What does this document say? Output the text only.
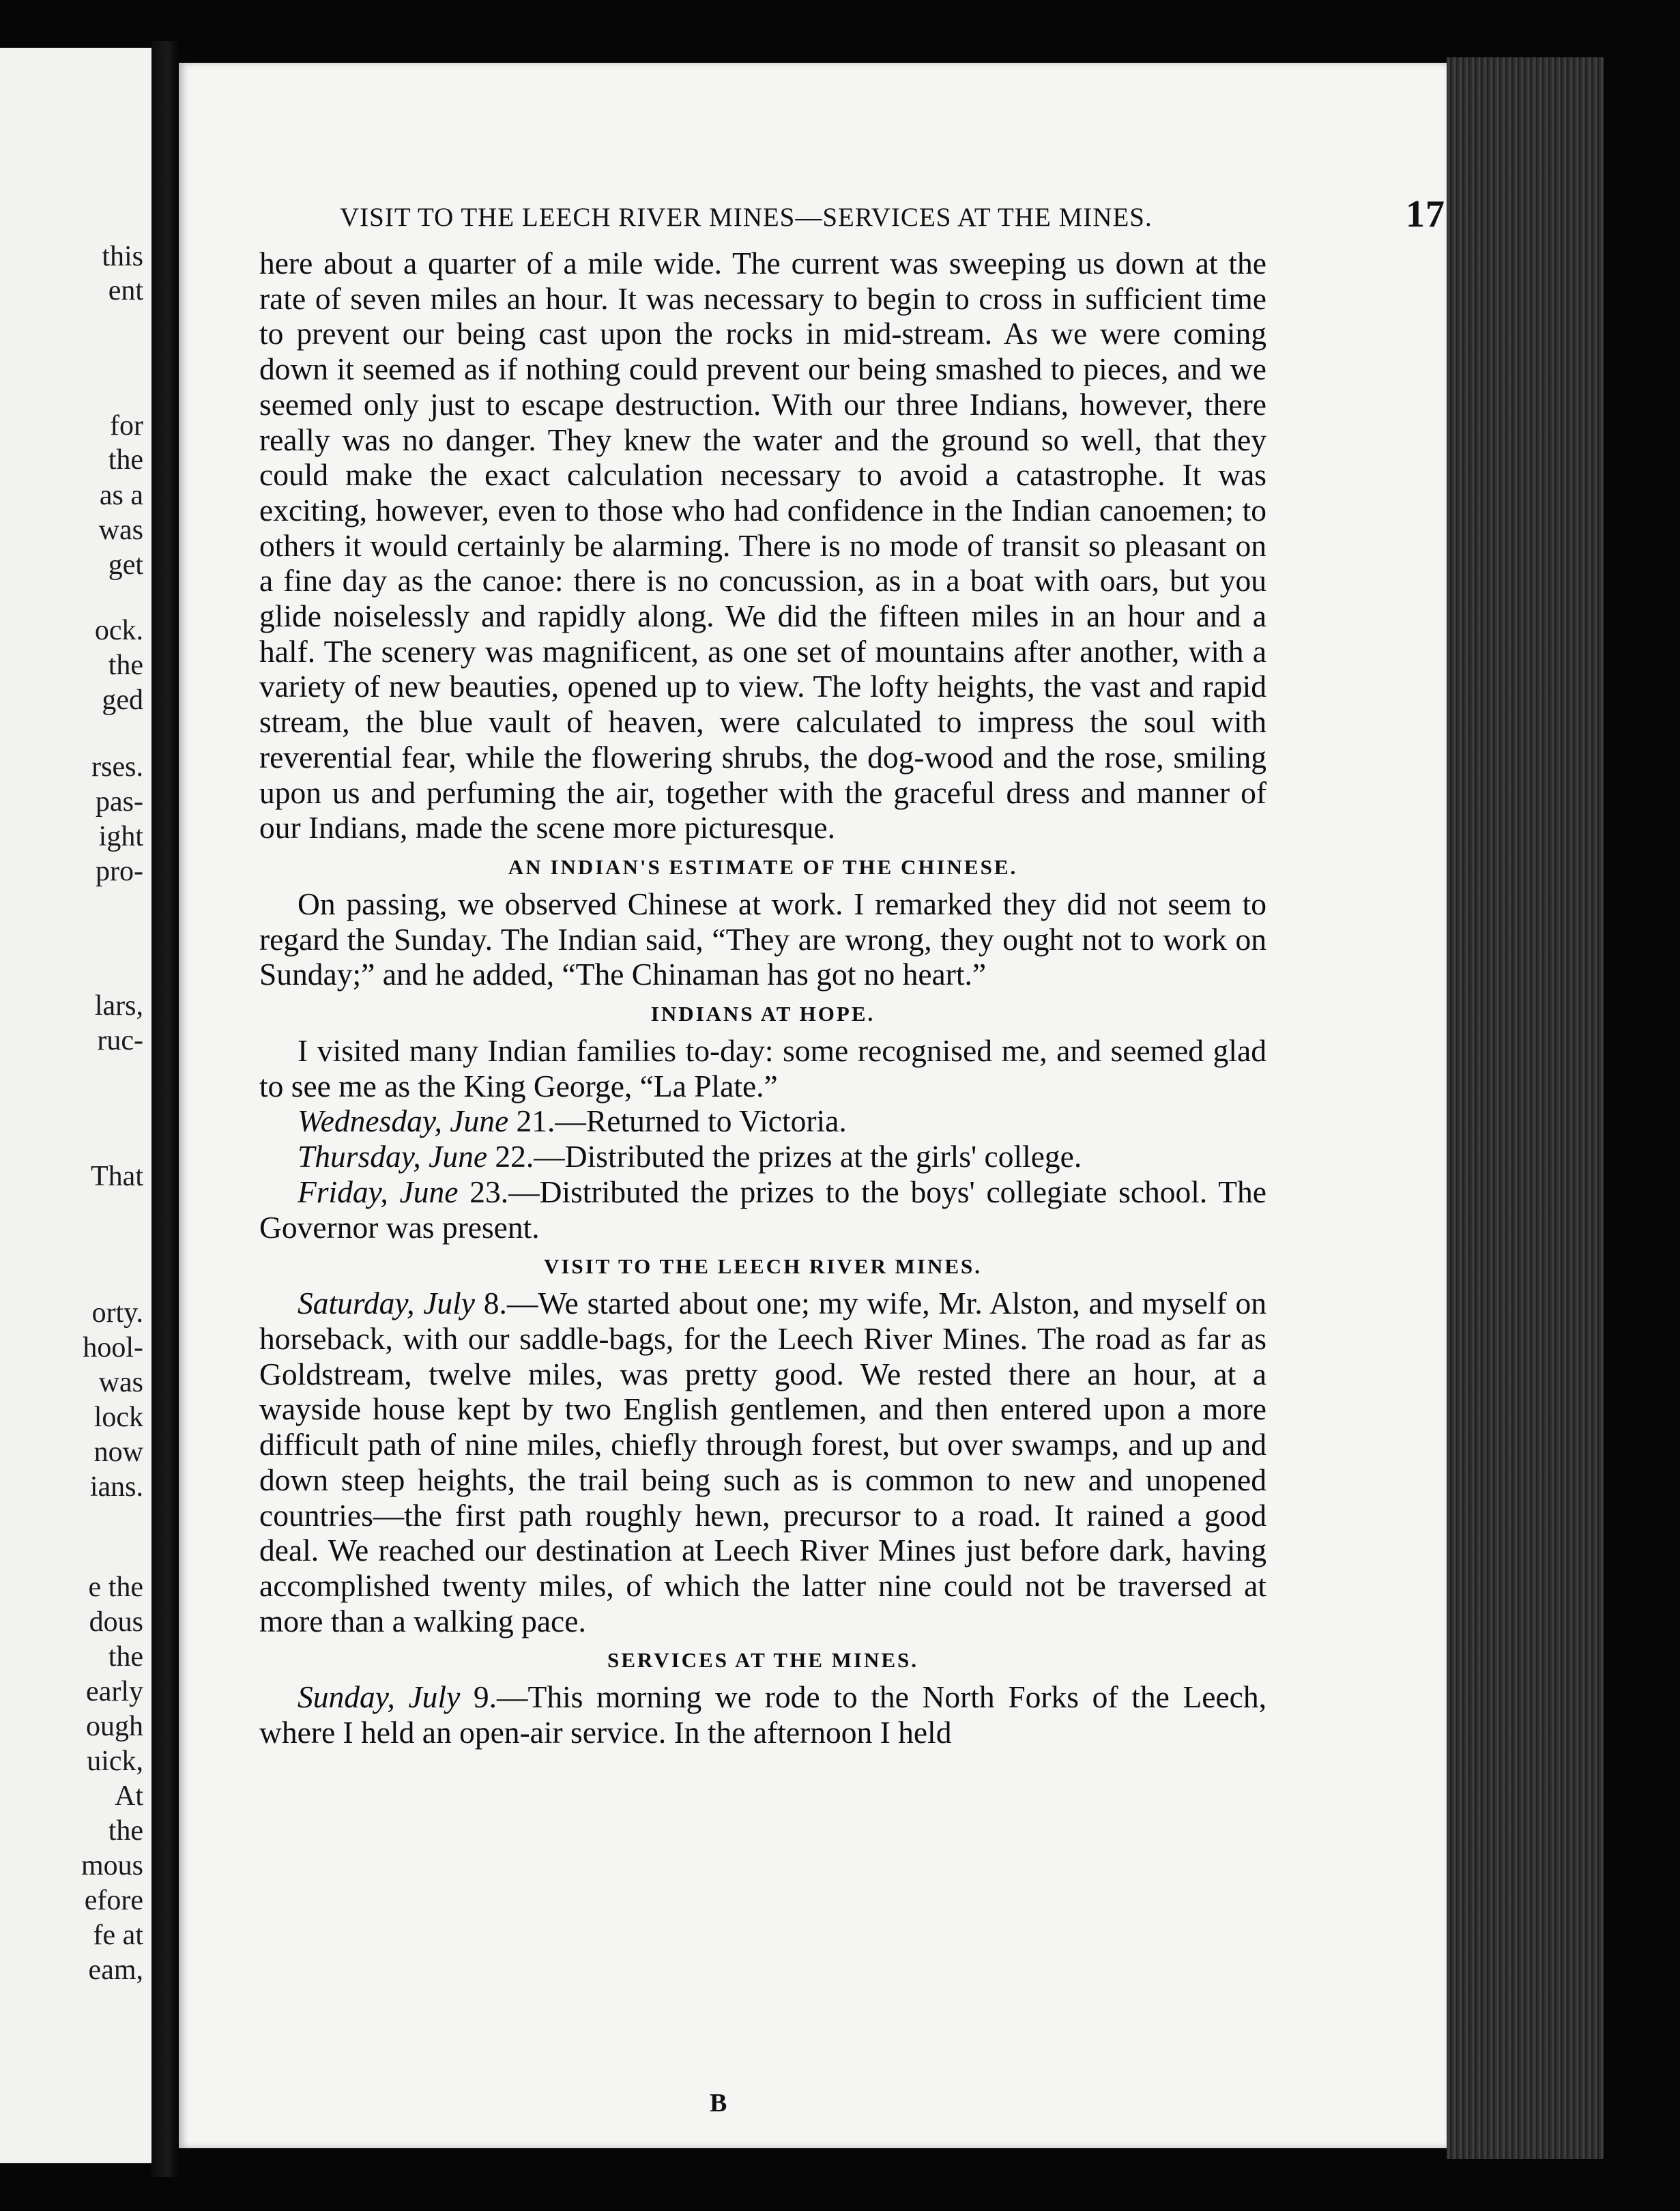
this
ent
for
the
as a
was
get
ock.
the
ged
rses.
pas-
ight
pro-
lars,
ruc-
That
orty.
hool-
was
lock
now
ians.
e the
dous
the
early
ough
uick,
At
the
mous
efore
fe at
eam,
VISIT TO THE LEECH RIVER MINES—SERVICES AT THE MINES.	17

here about a quarter of a mile wide. The current was sweeping us down at the rate of seven miles an hour. It was necessary to begin to cross in sufficient time to prevent our being cast upon the rocks in mid-stream. As we were coming down it seemed as if nothing could prevent our being smashed to pieces, and we seemed only just to escape destruction. With our three Indians, however, there really was no danger. They knew the water and the ground so well, that they could make the exact calculation necessary to avoid a catastrophe. It was exciting, however, even to those who had confidence in the Indian canoemen; to others it would certainly be alarming. There is no mode of transit so pleasant on a fine day as the canoe: there is no concussion, as in a boat with oars, but you glide noiselessly and rapidly along. We did the fifteen miles in an hour and a half. The scenery was magnificent, as one set of mountains after another, with a variety of new beauties, opened up to view. The lofty heights, the vast and rapid stream, the blue vault of heaven, were calculated to impress the soul with reverential fear, while the flowering shrubs, the dog-wood and the rose, smiling upon us and perfuming the air, together with the graceful dress and manner of our Indians, made the scene more picturesque.

AN INDIAN'S ESTIMATE OF THE CHINESE.

On passing, we observed Chinese at work. I remarked they did not seem to regard the Sunday. The Indian said, “They are wrong, they ought not to work on Sunday;” and he added, “The Chinaman has got no heart.”

INDIANS AT HOPE.

I visited many Indian families to-day: some recognised me, and seemed glad to see me as the King George, “La Plate.”

Wednesday, June 21.—Returned to Victoria.

Thursday, June 22.—Distributed the prizes at the girls' college.

Friday, June 23.—Distributed the prizes to the boys' collegiate school. The Governor was present.

VISIT TO THE LEECH RIVER MINES.

Saturday, July 8.—We started about one; my wife, Mr. Alston, and myself on horseback, with our saddle-bags, for the Leech River Mines. The road as far as Goldstream, twelve miles, was pretty good. We rested there an hour, at a wayside house kept by two English gentlemen, and then entered upon a more difficult path of nine miles, chiefly through forest, but over swamps, and up and down steep heights, the trail being such as is common to new and unopened countries—the first path roughly hewn, precursor to a road. It rained a good deal. We reached our destination at Leech River Mines just before dark, having accomplished twenty miles, of which the latter nine could not be traversed at more than a walking pace.

SERVICES AT THE MINES.

Sunday, July 9.—This morning we rode to the North Forks of the Leech, where I held an open-air service. In the afternoon I held

B
